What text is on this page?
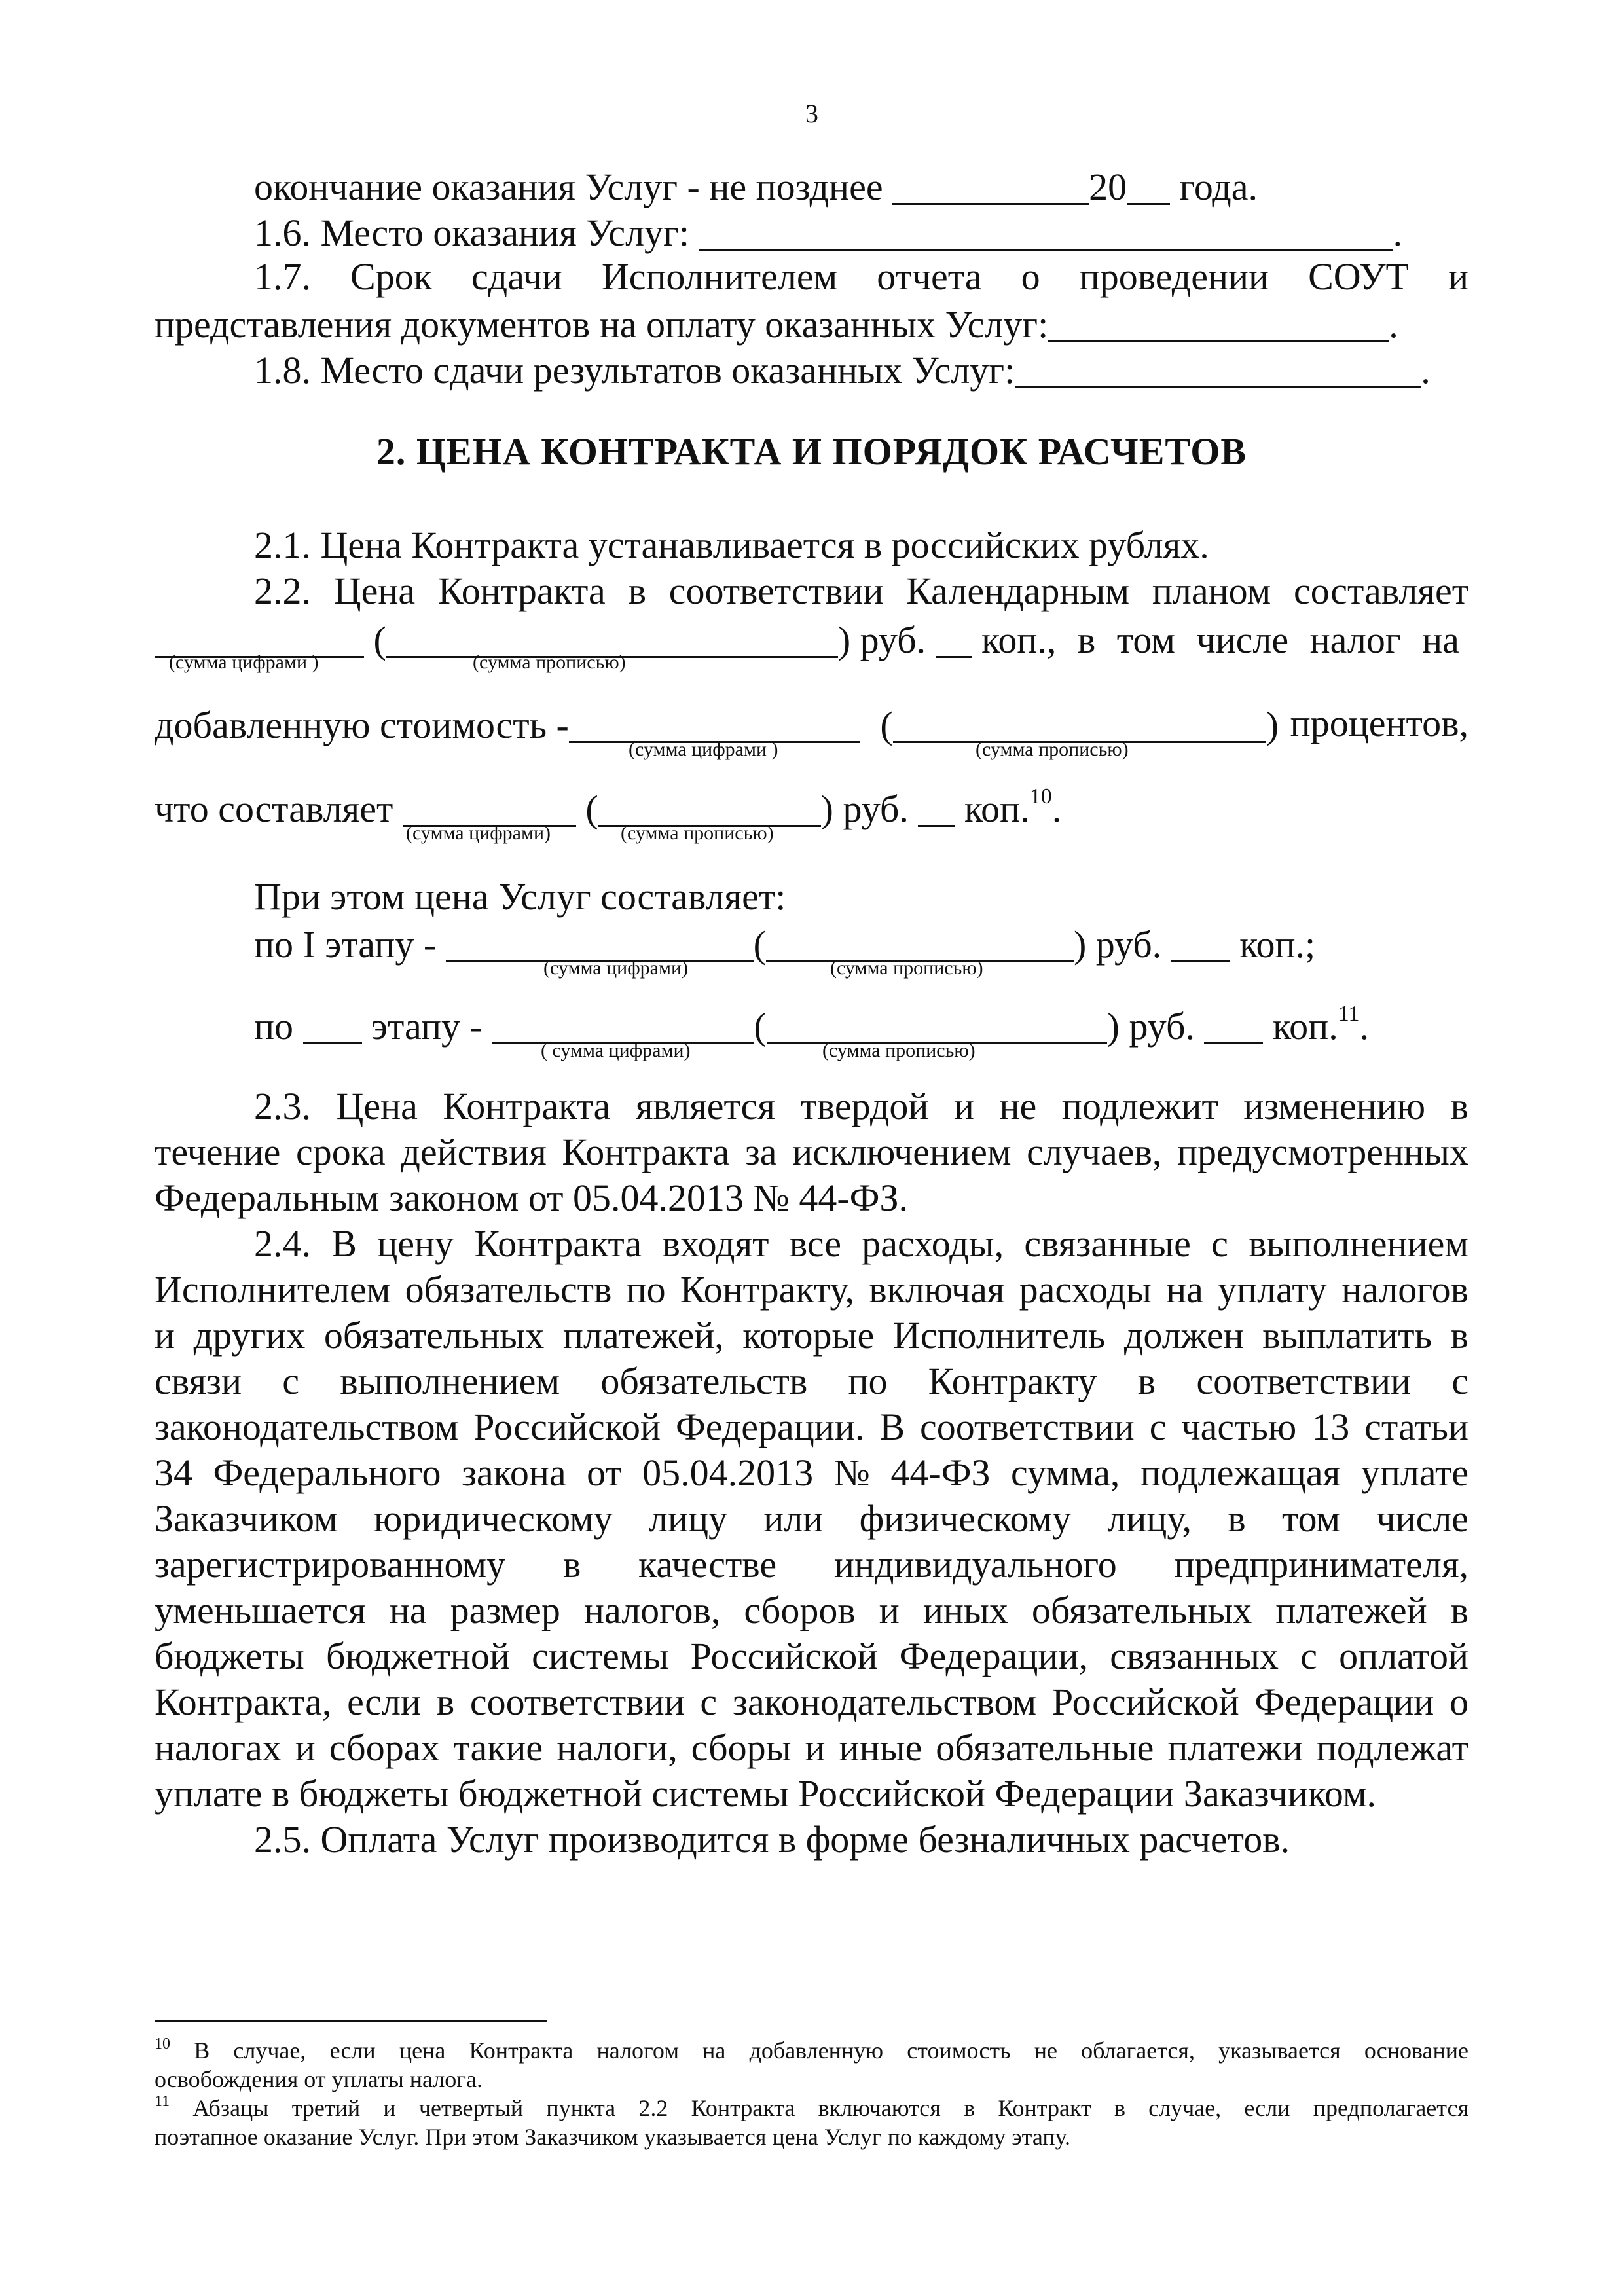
3
окончание оказания Услуг - не позднее	20 года.
1.6. Место оказания Услуг:	.
1.7. Срок сдачи Исполнителем отчета о проведении СОУТ и
представления документов на оплату оказанных Услуг:	.
1.8. Место сдачи результатов оказанных Услуг:	.
2. ЦЕНА КОНТРАКТА И ПОРЯДОК РАСЧЕТОВ
2.1. Цена Контракта устанавливается в российских рублях.
2.2. Цена Контракта в соответствии Календарным планом составляет
(	) руб. коп., в том числе налог на
(сумма цифрами )	(сумма прописью)
добавленную стоимость -	(	) процентов,
(сумма цифрами )	(сумма прописью)
что составляет	(	) руб. коп.$^{10}$.
(сумма цифрами)	(сумма прописью)
При этом цена Услуг составляет:
по I этапу -	(	) руб. коп.;
(сумма цифрами)	(сумма прописью)
по этапу -	(	) руб. коп.$^{11}$.
( сумма цифрами)	(сумма прописью)
2.3. Цена Контракта является твердой и не подлежит изменению в
течение срока действия Контракта за исключением случаев, предусмотренных
Федеральным законом от 05.04.2013 № 44-ФЗ.
2.4. В цену Контракта входят все расходы, связанные с выполнением
Исполнителем обязательств по Контракту, включая расходы на уплату налогов
и других обязательных платежей, которые Исполнитель должен выплатить в
связи с выполнением обязательств по Контракту в соответствии с
законодательством Российской Федерации. В соответствии с частью 13 статьи
34 Федерального закона от 05.04.2013 № 44-ФЗ сумма, подлежащая уплате
Заказчиком юридическому лицу или физическому лицу, в том числе
зарегистрированному в качестве индивидуального предпринимателя,
уменьшается на размер налогов, сборов и иных обязательных платежей в
бюджеты бюджетной системы Российской Федерации, связанных с оплатой
Контракта, если в соответствии с законодательством Российской Федерации о
налогах и сборах такие налоги, сборы и иные обязательные платежи подлежат
уплате в бюджеты бюджетной системы Российской Федерации Заказчиком.
2.5. Оплата Услуг производится в форме безналичных расчетов.
$^{10}$ В случае, если цена Контракта налогом на добавленную стоимость не облагается, указывается основание
освобождения от уплаты налога.
$^{11}$ Абзацы третий и четвертый пункта 2.2 Контракта включаются в Контракт в случае, если предполагается
поэтапное оказание Услуг. При этом Заказчиком указывается цена Услуг по каждому этапу.
